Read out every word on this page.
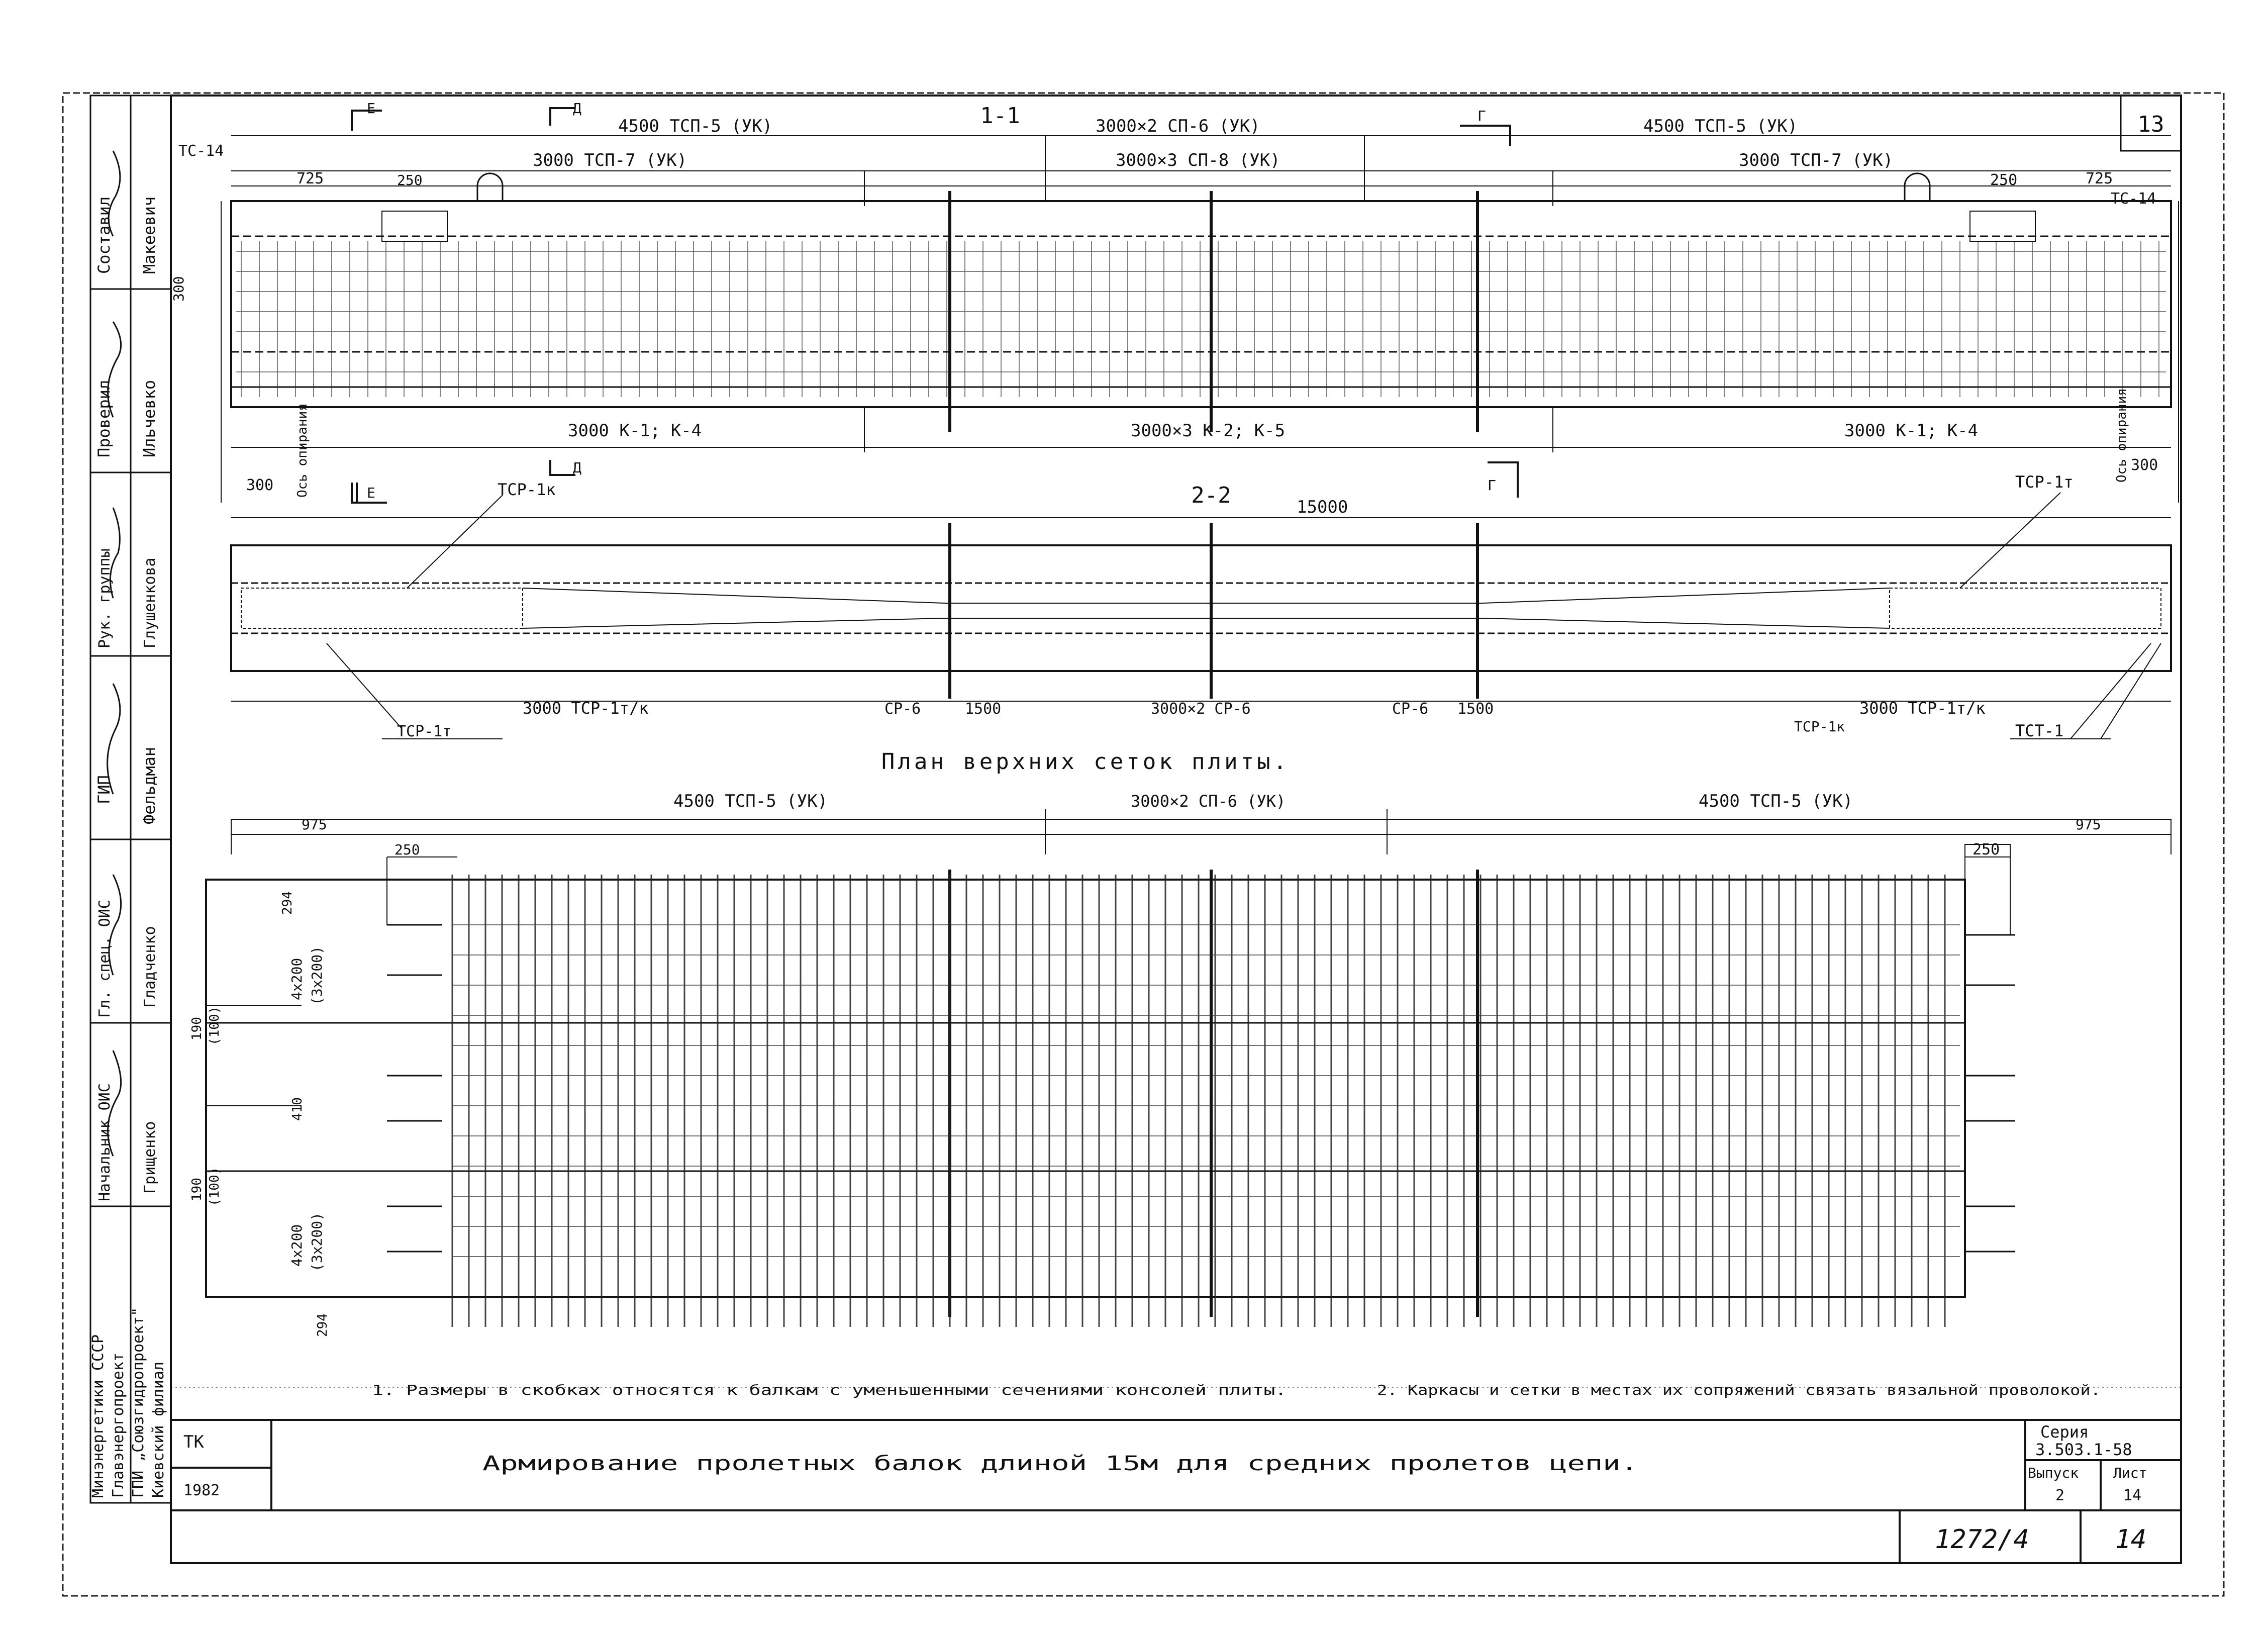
1-1
4500 ТСП-5 (УК)	3000×2 СП-6 (УК)	4500 ТСП-5 (УК)
3000 ТСП-7 (УК)	3000×3 СП-8 (УК)	3000 ТСП-7 (УК)
3000 К-1; К-4	3000×3 К-2; К-5	3000 К-1; К-4
ТС-14
ТС-14
725	725
250	250
300
300
300
Ось опирания	Ось опирания
Е	Д	Г
Д
2-2	15000
ТСР-1к	ТСР-1т
3000 ТСР-1т/к	СР-6	1500	3000×2 СР-6	СР-6 1500	3000 ТСР-1т/к
ТСР-1к
ТСР-1т	ТСТ-1
Е	Г
План верхних сеток плиты.
4500 ТСП-5 (УК)	3000×2 СП-6 (УК)	4500 ТСП-5 (УК)
975	975
250	250
294
4x200 (3x200)
190 (100)
410
190 (100)
4x200 (3x200)
294
1. Размеры в скобках относятся к балкам с уменьшенными сечениями консолей плиты.	2. Каркасы и сетки в местах их сопряжений связать вязальной проволокой.
ТК
1982
Армирование пролетных балок длиной 15м для средних пролетов цепи.
Серия
3.503.1-58
Выпуск
2
Лист
14
13
1272/4	14
Минэнергетики СССР Главэнергопроект ГПИ „Союзгидропроект" Киевский филиал
Составил Макеевич
Проверил Ильчевко
Рук. группы Глушенкова
ГИП Фельдман
Гл. спец. ОИС Гладченко
Начальник ОИС Грищенко
